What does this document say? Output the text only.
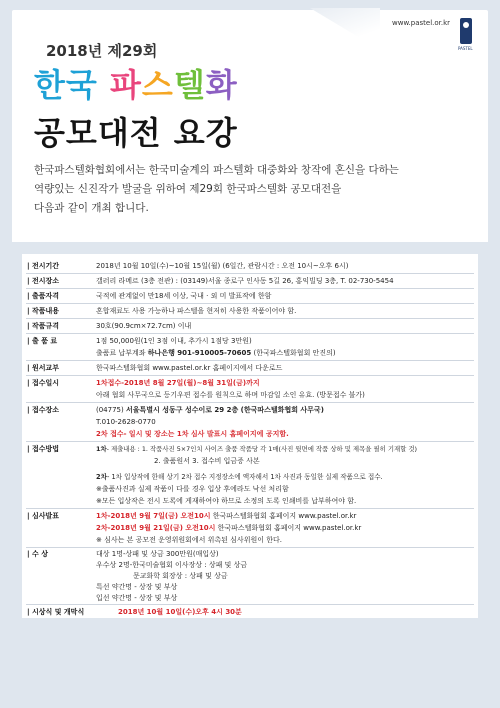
www.pastel.or.kr
PASTEL
2018년 제29회
한국 파스텔화
공모대전 요강
한국파스텔화협회에서는 한국미술계의 파스텔화 대중화와 창작에 혼신을 다하는
역량있는 신진작가 발굴을 위하여 제29회 한국파스텔화 공모대전을
다음과 같이 개최 합니다.
| 전시기간	2018년 10월 10일(수)~10월 15일(월) (6일간, 관람시간 : 오전 10시~오후 6시)
| 전시장소	갤러리 라메르 (3층 전관) : (03149)서울 종로구 인사동 5길 26, 홍익빌딩 3층, T. 02-730-5454
| 출품자격	국적에 관계없이 만18세 이상, 국내 · 외 미 발표작에 한함
| 작품내용	혼합재료도 사용 가능하나 파스텔을 현저히 사용한 작품이어야 함.
| 작품규격	30호(90.9cm×72.7cm) 이내
| 출 품 료	1점 50,000원(1인 3점 이내, 추가시 1점당 3만원)
출품료 납부계좌 하나은행 901-910005-70605 (한국파스텔화협회 안진의)
| 원서교부	한국파스텔화협회 www.pastel.or.kr 홈페이지에서 다운로드
| 접수일시	1차접수-2018년 8월 27일(월)~8월 31일(금)까지
아래 협회 사무국으로 등기우편 접수를 원칙으로 하며 마감일 소인 유효. (방문접수 불가)
| 접수장소	(04775) 서울특별시 성동구 성수이로 29 2층 (한국파스텔화협회 사무국)
T.010-2628-0770
2차 접수- 일시 및 장소는 1차 심사 발표시 홈페이지에 공지함.
| 접수방법	1차- 제출내용 : 1. 작품사진 5×7인치 사이즈 출품 작품당 각 1매(사진 뒷면에 작품 상하 및 제목을 필히 기재할 것)
2. 출품원서 3. 접수비 입금증 사본
2차- 1차 입상작에 한해 상기 2차 접수 지정장소에 액자해서 1차 사진과 동일한 실제 작품으로 접수.
※출품사진과 실제 작품이 다를 경우 입상 후에라도 낙선 처리함
※모든 입상작은 전시 도록에 게재하여야 하므로 소정의 도록 인쇄비를 납부하여야 함.
| 심사발표	1차-2018년 9월 7일(금) 오전10시 한국파스텔화협회 홈페이지 www.pastel.or.kr
2차-2018년 9월 21일(금) 오전10시 한국파스텔화협회 홈페이지 www.pastel.or.kr
※ 심사는 본 공모전 운영위원회에서 위촉된 심사위원이 한다.
| 수 상	대상 1명-상패 및 상금 300만원(매입상)
우수상 2명-한국미술협회 이사장상 : 상패 및 상금
문교화학 회장상 : 상패 및 상금
특선 약간명 - 상장 및 부상
입선 약간명 - 상장 및 부상
| 시상식 및 개막식	2018년 10월 10일(수)오후 4시 30분
